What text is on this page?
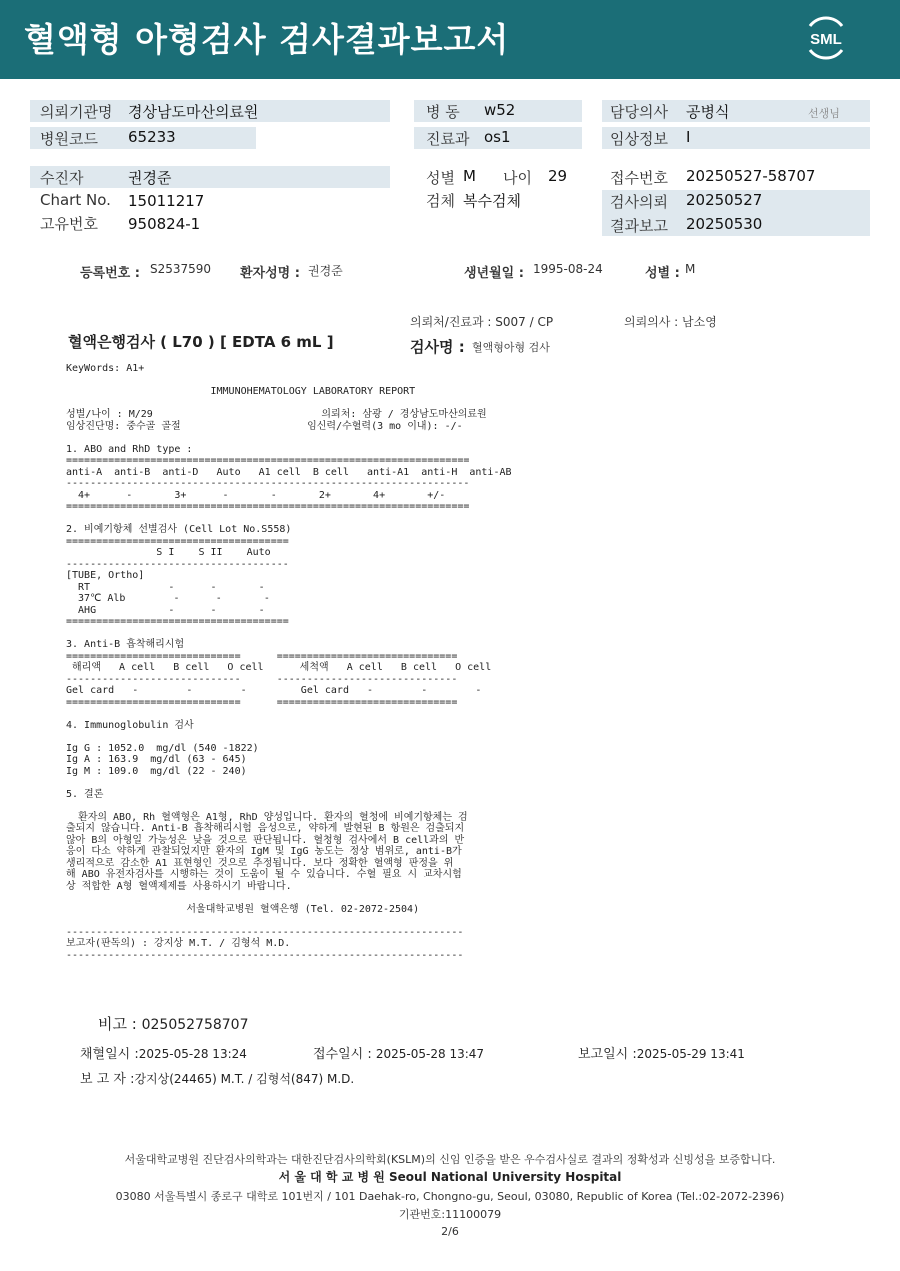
혈액형 아형검사 검사결과보고서	SML
의뢰기관명 경상남도마산의료원
병원코드 65233
병 동 w52
진료과 os1
담당의사 공병식	선생님
임상정보 I
수진자	권경준
Chart No. 15011217
고유번호 950824-1
성별 M 나이 29
검체 복수검체
접수번호 20250527-58707
검사의뢰 20250527
결과보고 20250530
등록번호 : S2537590 환자성명 : 권경준	생년월일 : 1995-08-24	성별 : M
의뢰처/진료과 : S007 / CP	의뢰의사 : 남소영
혈액은행검사 ( L70 ) [ EDTA 6 mL ]	검사명 : 혈액형아형 검사
KeyWords: A1+

IMMUNOHEMATOLOGY LABORATORY REPORT

성별/나이 : M/29                            의뢰처: 삼광 / 경상남도마산의료원
임상진단명: 중수골 골절                     임신력/수혈력(3 mo 이내): -/-

1. ABO and RhD type :
===================================================================
anti-A  anti-B  anti-D   Auto   A1 cell  B cell   anti-A1  anti-H  anti-AB
-------------------------------------------------------------------
4+      -       3+      -       -       2+       4+       +/-
===================================================================

2. 비예기항체 선별검사 (Cell Lot No.S558)
=====================================
S I    S II    Auto
-------------------------------------
[TUBE, Ortho]
RT             -      -       -
37℃ Alb        -      -       -
AHG            -      -       -
=====================================

3. Anti-B 흡착해리시험
=============================      ==============================
해리액   A cell   B cell   O cell      세척액   A cell   B cell   O cell
-----------------------------      ------------------------------
Gel card   -        -        -         Gel card   -        -        -
=============================      ==============================

4. Immunoglobulin 검사

Ig G : 1052.0  mg/dl (540 -1822)
Ig A : 163.9  mg/dl (63 - 645)
Ig M : 109.0  mg/dl (22 - 240)

5. 결론

환자의 ABO, Rh 혈액형은 A1형, RhD 양성입니다. 환자의 혈청에 비예기항체는 검
출되지 않습니다. Anti-B 흡착해리시험 음성으로, 약하게 발현된 B 항원은 검출되지
않아 B의 아형일 가능성은 낮을 것으로 판단됩니다. 혈청형 검사에서 B cell과의 반
응이 다소 약하게 관찰되었지만 환자의 IgM 및 IgG 농도는 정상 범위로, anti-B가
생리적으로 감소한 A1 표현형인 것으로 추정됩니다. 보다 정확한 혈액형 판정을 위
해 ABO 유전자검사를 시행하는 것이 도움이 될 수 있습니다. 수혈 필요 시 교차시험
상 적합한 A형 혈액제제를 사용하시기 바랍니다.

서울대학교병원 혈액은행 (Tel. 02-2072-2504)

------------------------------------------------------------------
보고자(판독의) : 강지상 M.T. / 김형석 M.D.
------------------------------------------------------------------
비고 : 025052758707
채혈일시 :2025-05-28 13:24	접수일시 : 2025-05-28 13:47	보고일시 :2025-05-29 13:41
보 고 자 :강지상(24465) M.T. / 김형석(847) M.D.
서울대학교병원 진단검사의학과는 대한진단검사의학회(KSLM)의 신임 인증을 받은 우수검사실로 결과의 정확성과 신빙성을 보증합니다.
서 울 대 학 교 병 원 Seoul National University Hospital
03080 서울특별시 종로구 대학로 101번지 / 101 Daehak-ro, Chongno-gu, Seoul, 03080, Republic of Korea (Tel.:02-2072-2396)
기관번호:11100079
2/6
